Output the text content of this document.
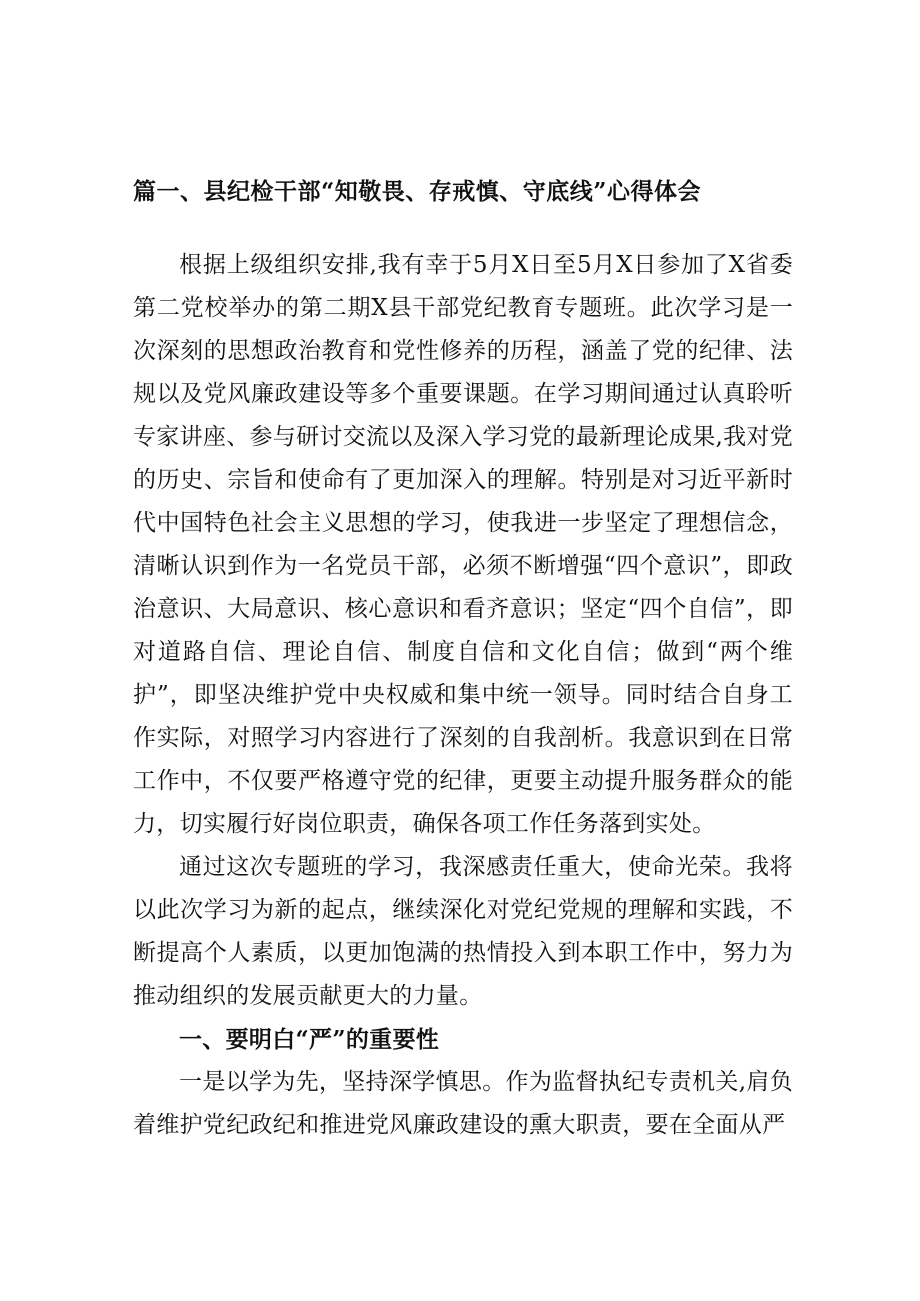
篇一、县纪检干部“知敬畏、存戒慎、守底线”心得体会

根据上级组织安排,我有幸于5月X日至5月X日参加了X省委第二党校举办的第二期X县干部党纪教育专题班。此次学习是一次深刻的思想政治教育和党性修养的历程，涵盖了党的纪律、法规以及党风廉政建设等多个重要课题。在学习期间通过认真聆听专家讲座、参与研讨交流以及深入学习党的最新理论成果,我对党的历史、宗旨和使命有了更加深入的理解。特别是对习近平新时代中国特色社会主义思想的学习，使我进一步坚定了理想信念，清晰认识到作为一名党员干部，必须不断增强“四个意识”，即政治意识、大局意识、核心意识和看齐意识；坚定“四个自信”，即对道路自信、理论自信、制度自信和文化自信；做到“两个维护”，即坚决维护党中央权威和集中统一领导。同时结合自身工作实际，对照学习内容进行了深刻的自我剖析。我意识到在日常工作中，不仅要严格遵守党的纪律，更要主动提升服务群众的能力，切实履行好岗位职责，确保各项工作任务落到实处。

通过这次专题班的学习，我深感责任重大，使命光荣。我将以此次学习为新的起点，继续深化对党纪党规的理解和实践，不断提高个人素质，以更加饱满的热情投入到本职工作中，努力为推动组织的发展贡献更大的力量。

一、要明白“严”的重要性

一是以学为先，坚持深学慎思。作为监督执纪专责机关,肩负着维护党纪政纪和推进党风廉政建设的熏大职责，要在全面从严
